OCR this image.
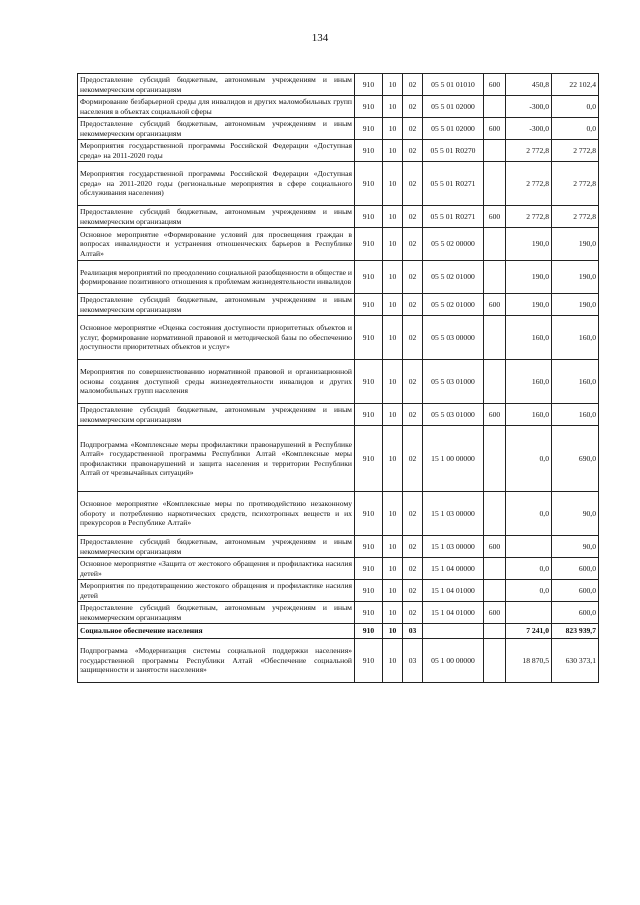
134
Предоставление субсидий бюджетным, автономным учреждениям и иным некоммерческим организациям	910	10	02	05 5 01 01010	600	450,8	22 102,4
Формирование безбарьерной среды для инвалидов и других маломобильных групп населения в объектах социальной сферы	910	10	02	05 5 01 02000		-300,0	0,0
Предоставление субсидий бюджетным, автономным учреждениям и иным некоммерческим организациям	910	10	02	05 5 01 02000	600	-300,0	0,0
Мероприятия государственной программы Российской Федерации «Доступная среда» на 2011-2020 годы	910	10	02	05 5 01 R0270		2 772,8	2 772,8
Мероприятия государственной программы Российской Федерации «Доступная среда» на 2011-2020 годы (региональные мероприятия в сфере социального обслуживания населения)	910	10	02	05 5 01 R0271		2 772,8	2 772,8
Предоставление субсидий бюджетным, автономным учреждениям и иным некоммерческим организациям	910	10	02	05 5 01 R0271	600	2 772,8	2 772,8
Основное мероприятие «Формирование условий для просвещения граждан в вопросах инвалидности и устранения отношенческих барьеров в Республике Алтай»	910	10	02	05 5 02 00000		190,0	190,0
Реализация мероприятий по преодолению социальной разобщенности в обществе и формирование позитивного отношения к проблемам жизнедеятельности инвалидов	910	10	02	05 5 02 01000		190,0	190,0
Предоставление субсидий бюджетным, автономным учреждениям и иным некоммерческим организациям	910	10	02	05 5 02 01000	600	190,0	190,0
Основное мероприятие «Оценка состояния доступности приоритетных объектов и услуг, формирование нормативной правовой и методической базы по обеспечению доступности приоритетных объектов и услуг»	910	10	02	05 5 03 00000		160,0	160,0
Мероприятия по совершенствованию нормативной правовой и организационной основы создания доступной среды жизнедеятельности инвалидов и других маломобильных групп населения	910	10	02	05 5 03 01000		160,0	160,0
Предоставление субсидий бюджетным, автономным учреждениям и иным некоммерческим организациям	910	10	02	05 5 03 01000	600	160,0	160,0
Подпрограмма «Комплексные меры профилактики правонарушений в Республике Алтай» государственной программы Республики Алтай «Комплексные меры профилактики правонарушений и защита населения и территории Республики Алтай от чрезвычайных ситуаций»	910	10	02	15 1 00 00000		0,0	690,0
Основное мероприятие «Комплексные меры по противодействию незаконному обороту и потреблению наркотических средств, психотропных веществ и их прекурсоров в Республике Алтай»	910	10	02	15 1 03 00000		0,0	90,0
Предоставление субсидий бюджетным, автономным учреждениям и иным некоммерческим организациям	910	10	02	15 1 03 00000	600		90,0
Основное мероприятие «Защита от жестокого обращения и профилактика насилия детей»	910	10	02	15 1 04 00000		0,0	600,0
Мероприятия по предотвращению жестокого обращения и профилактике насилия детей	910	10	02	15 1 04 01000		0,0	600,0
Предоставление субсидий бюджетным, автономным учреждениям и иным некоммерческим организациям	910	10	02	15 1 04 01000	600		600,0
Социальное обеспечение населения	910	10	03			7 241,0	823 939,7
Подпрограмма «Модернизация системы социальной поддержки населения» государственной программы Республики Алтай «Обеспечение социальной защищенности и занятости населения»	910	10	03	05 1 00 00000		18 870,5	630 373,1
